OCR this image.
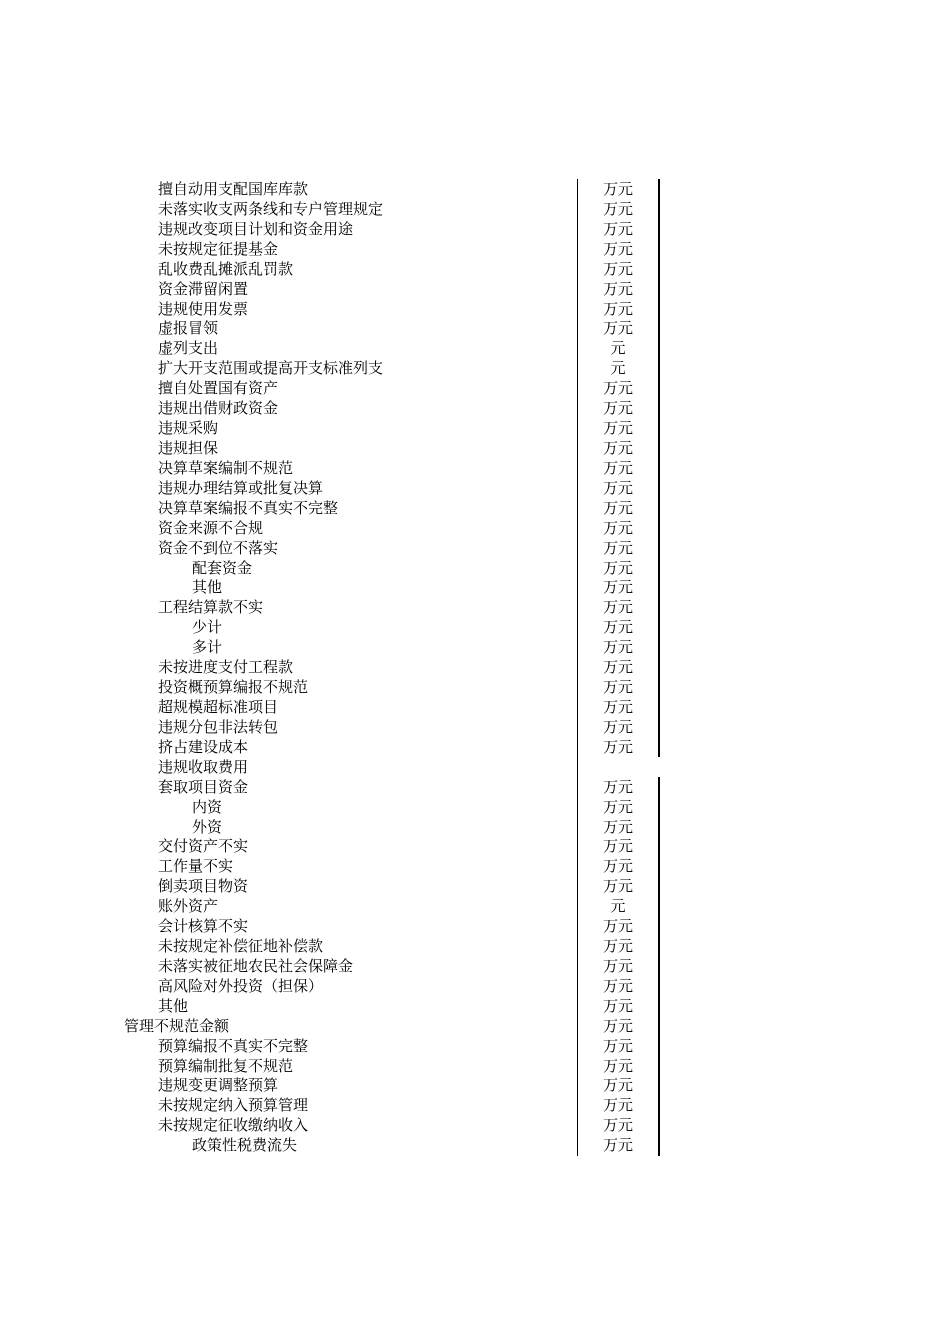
擅自动用支配国库库款	万元
未落实收支两条线和专户管理规定	万元
违规改变项目计划和资金用途	万元
未按规定征提基金	万元
乱收费乱摊派乱罚款	万元
资金滞留闲置	万元
违规使用发票	万元
虚报冒领	万元
虚列支出	元
扩大开支范围或提高开支标准列支	元
擅自处置国有资产	万元
违规出借财政资金	万元
违规采购	万元
违规担保	万元
决算草案编制不规范	万元
违规办理结算或批复决算	万元
决算草案编报不真实不完整	万元
资金来源不合规	万元
资金不到位不落实	万元
配套资金	万元
其他	万元
工程结算款不实	万元
少计	万元
多计	万元
未按进度支付工程款	万元
投资概预算编报不规范	万元
超规模超标准项目	万元
违规分包非法转包	万元
挤占建设成本	万元
违规收取费用
套取项目资金	万元
内资	万元
外资	万元
交付资产不实	万元
工作量不实	万元
倒卖项目物资	万元
账外资产	元
会计核算不实	万元
未按规定补偿征地补偿款	万元
未落实被征地农民社会保障金	万元
高风险对外投资（担保）	万元
其他	万元
管理不规范金额	万元
预算编报不真实不完整	万元
预算编制批复不规范	万元
违规变更调整预算	万元
未按规定纳入预算管理	万元
未按规定征收缴纳收入	万元
政策性税费流失	万元
